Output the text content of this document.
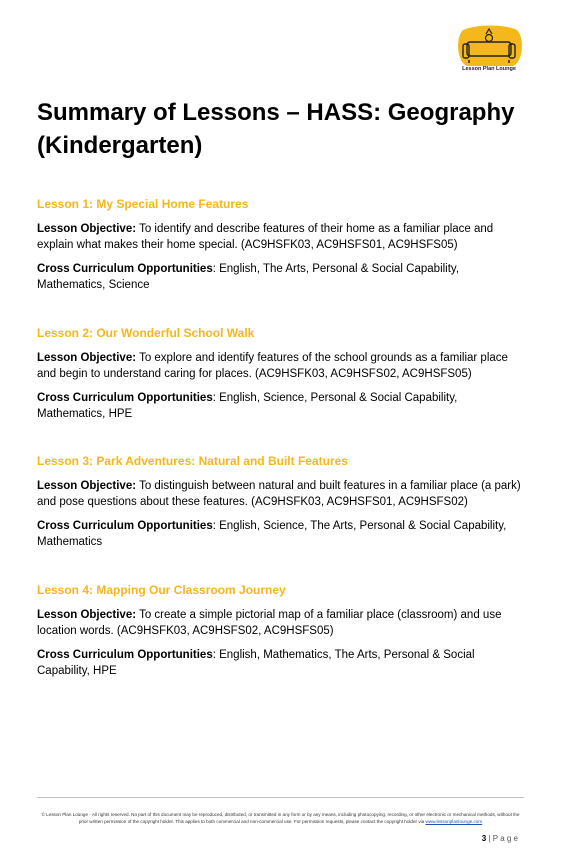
Lesson Plan Lounge
Summary of Lessons – HASS: Geography (Kindergarten)

Lesson 1: My Special Home Features

Lesson Objective: To identify and describe features of their home as a familiar place and explain what makes their home special. (AC9HSFK03, AC9HSFS01, AC9HSFS05)

Cross Curriculum Opportunities: English, The Arts, Personal & Social Capability, Mathematics, Science

Lesson 2: Our Wonderful School Walk

Lesson Objective: To explore and identify features of the school grounds as a familiar place and begin to understand caring for places. (AC9HSFK03, AC9HSFS02, AC9HSFS05)

Cross Curriculum Opportunities: English, Science, Personal & Social Capability, Mathematics, HPE

Lesson 3: Park Adventures: Natural and Built Features

Lesson Objective: To distinguish between natural and built features in a familiar place (a park) and pose questions about these features. (AC9HSFK03, AC9HSFS01, AC9HSFS02)

Cross Curriculum Opportunities: English, Science, The Arts, Personal & Social Capability, Mathematics

Lesson 4: Mapping Our Classroom Journey

Lesson Objective: To create a simple pictorial map of a familiar place (classroom) and use location words. (AC9HSFK03, AC9HSFS02, AC9HSFS05)

Cross Curriculum Opportunities: English, Mathematics, The Arts, Personal & Social Capability, HPE

© Lesson Plan Lounge - All rights reserved. No part of this document may be reproduced, distributed, or transmitted in any form or by any means, including photocopying, recording, or other electronic or mechanical methods, without the prior written permission of the copyright holder. This applies to both commercial and non-commercial use. For permission requests, please contact the copyright holder via www.lessonplanlounge.com
3 | P a g e
